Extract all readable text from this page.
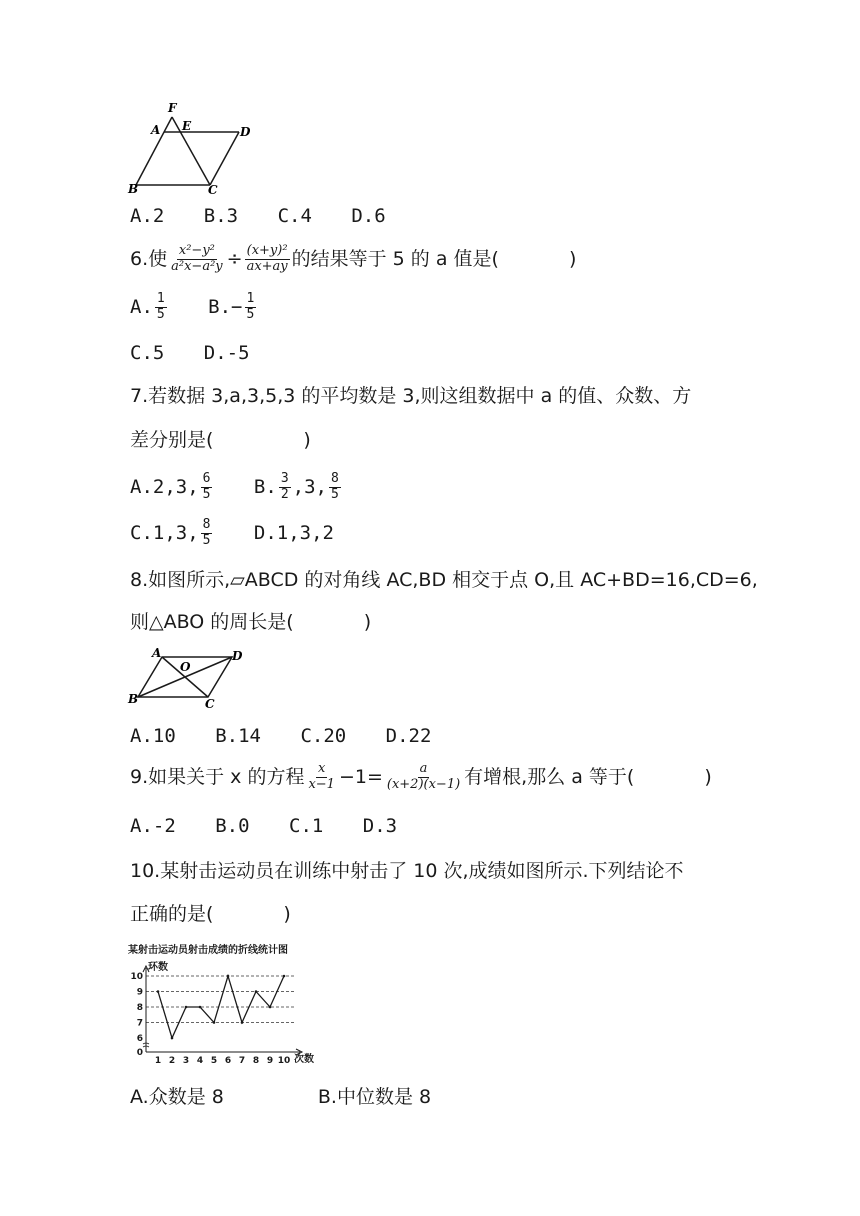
F
A E	D
B	C
A.2 B.3 C.4 D.6
6.使 $\frac{\text{x²−y²}}{\text{a²x−a²y}} \div \frac{\text{(x+y)²}}{ax+ay}$ 的结果等于 5 的 a 值是(	)
A. $\frac{1}{5} B.- \frac{1}{5}$
C.5 D.-5
7.若数据 3,a,3,5,3 的平均数是 3,则这组数据中 a 的值、众数、方
差分别是(	)
A.2,3, $\frac{6}{5} B$. $\frac{3}{2} ,3$, $\frac{8}{5}$
C.1,3, $\frac{8}{5} D.1,3,2$
8.如图所示,▱ABCD 的对角线 AC,BD 相交于点 O,且 AC+BD=16,CD=6,
则△ABO 的周长是(	)
A
O
D
B	C
A.10 B.14 C.20 D.22
9.如果关于 x 的方程 $\frac{x}{x-1} -1= \frac{a}{(x+2)(x-1)}$ 有增根,那么 a 等于(	)
A.-2 B.0 C.1 D.3
10.某射击运动员在训练中射击了 10 次,成绩如图所示.下列结论不
正确的是(	)
某射击运动员射击成绩的折线统计图
环数
次数
0
6
7
8
9
10
1 2 3 4 5 6 7 8 9 10
A.众数是 8	B.中位数是 8
